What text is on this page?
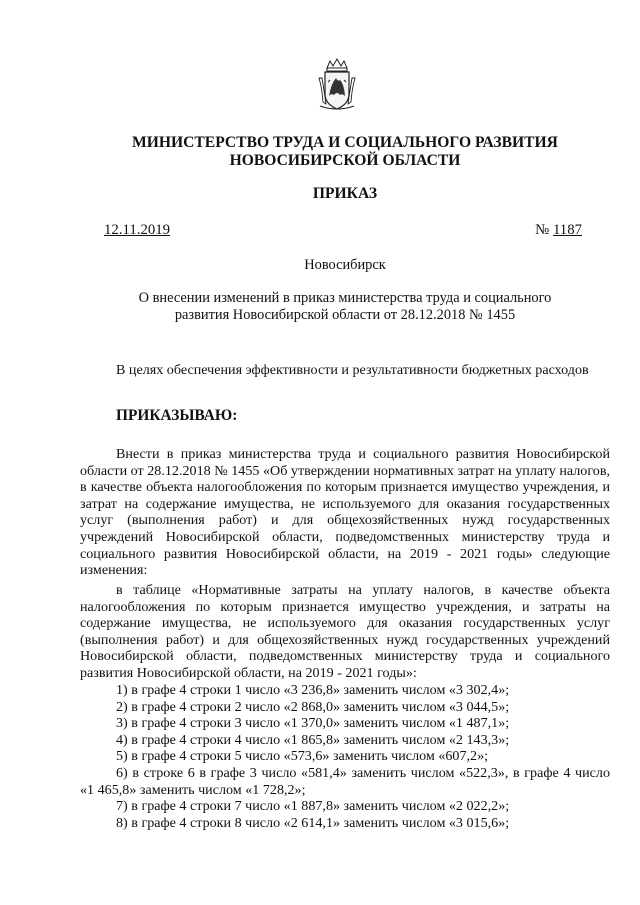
МИНИСТЕРСТВО ТРУДА И СОЦИАЛЬНОГО РАЗВИТИЯ
НОВОСИБИРСКОЙ ОБЛАСТИ
ПРИКАЗ
12.11.2019	№ 1187
Новосибирск
О внесении изменений в приказ министерства труда и социального
развития Новосибирской области от 28.12.2018 № 1455
В целях обеспечения эффективности и результативности бюджетных расходов
ПРИКАЗЫВАЮ:
Внести в приказ министерства труда и социального развития Новосибирской области от 28.12.2018 № 1455 «Об утверждении нормативных затрат на уплату налогов, в качестве объекта налогообложения по которым признается имущество учреждения, и затрат на содержание имущества, не используемого для оказания государственных услуг (выполнения работ) и для общехозяйственных нужд государственных учреждений Новосибирской области, подведомственных министерству труда и социального развития Новосибирской области, на 2019 - 2021 годы» следующие изменения:
в таблице «Нормативные затраты на уплату налогов, в качестве объекта налогообложения по которым признается имущество учреждения, и затраты на содержание имущества, не используемого для оказания государственных услуг (выполнения работ) и для общехозяйственных нужд государственных учреждений Новосибирской области, подведомственных министерству труда и социального развития Новосибирской области, на 2019 - 2021 годы»:
1) в графе 4 строки 1 число «3 236,8» заменить числом «3 302,4»;
2) в графе 4 строки 2 число «2 868,0» заменить числом «3 044,5»;
3) в графе 4 строки 3 число «1 370,0» заменить числом «1 487,1»;
4) в графе 4 строки 4 число «1 865,8» заменить числом «2 143,3»;
5) в графе 4 строки 5 число «573,6» заменить числом «607,2»;
6) в строке 6 в графе 3 число «581,4» заменить числом «522,3», в графе 4 число «1 465,8» заменить числом «1 728,2»;
7) в графе 4 строки 7 число «1 887,8» заменить числом «2 022,2»;
8) в графе 4 строки 8 число «2 614,1» заменить числом «3 015,6»;
